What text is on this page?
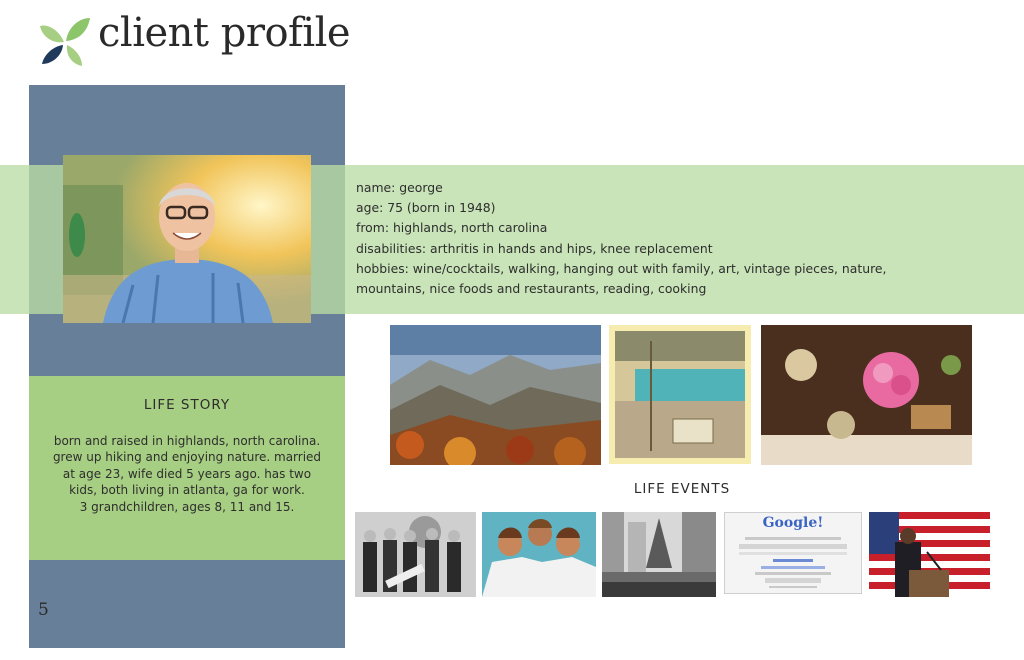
client profile
name: george
age: 75 (born in 1948)
from: highlands, north carolina
disabilities: arthritis in hands and hips, knee replacement
hobbies: wine/cocktails, walking, hanging out with family, art, vintage pieces, nature,
mountains, nice foods and restaurants, reading, cooking
LIFE STORY
born and raised in highlands, north carolina.
grew up hiking and enjoying nature. married
at age 23, wife died 5 years ago. has two
kids, both living in atlanta, ga for work.
3 grandchildren, ages 8, 11 and 15.
5
LIFE EVENTS
Google!
